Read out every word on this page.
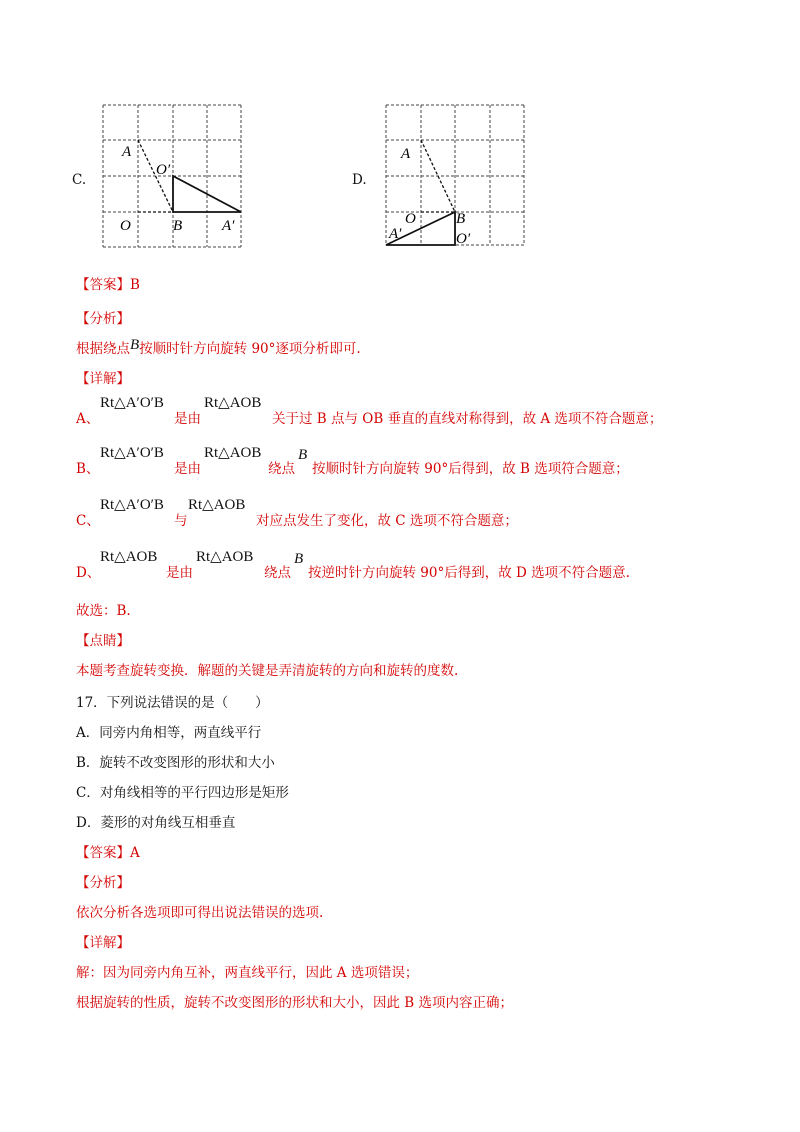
C.
A
O′
O	B	A′
D.
A
O	B
A′	O′
【答案】B
【分析】
根据绕点B按顺时针方向旋转 90°逐项分析即可.
【详解】
A、
Rt△A′O′B
是由
Rt△AOB
关于过 B 点与 OB 垂直的直线对称得到，故 A 选项不符合题意；
B、
Rt△A′O′B
是由
Rt△AOB
绕点
B
按顺时针方向旋转 90°后得到，故 B 选项符合题意；
C、
Rt△A′O′B
与
Rt△AOB
对应点发生了变化，故 C 选项不符合题意；
D、
Rt△AOB
是由
Rt△AOB
绕点
B
按逆时针方向旋转 90°后得到，故 D 选项不符合题意.
故选：B.
【点睛】
本题考查旋转变换．解题的关键是弄清旋转的方向和旋转的度数.
17．下列说法错误的是（　　）
A．同旁内角相等，两直线平行
B．旋转不改变图形的形状和大小
C．对角线相等的平行四边形是矩形
D．菱形的对角线互相垂直
【答案】A
【分析】
依次分析各选项即可得出说法错误的选项.
【详解】
解：因为同旁内角互补，两直线平行，因此 A 选项错误；
根据旋转的性质，旋转不改变图形的形状和大小，因此 B 选项内容正确；
